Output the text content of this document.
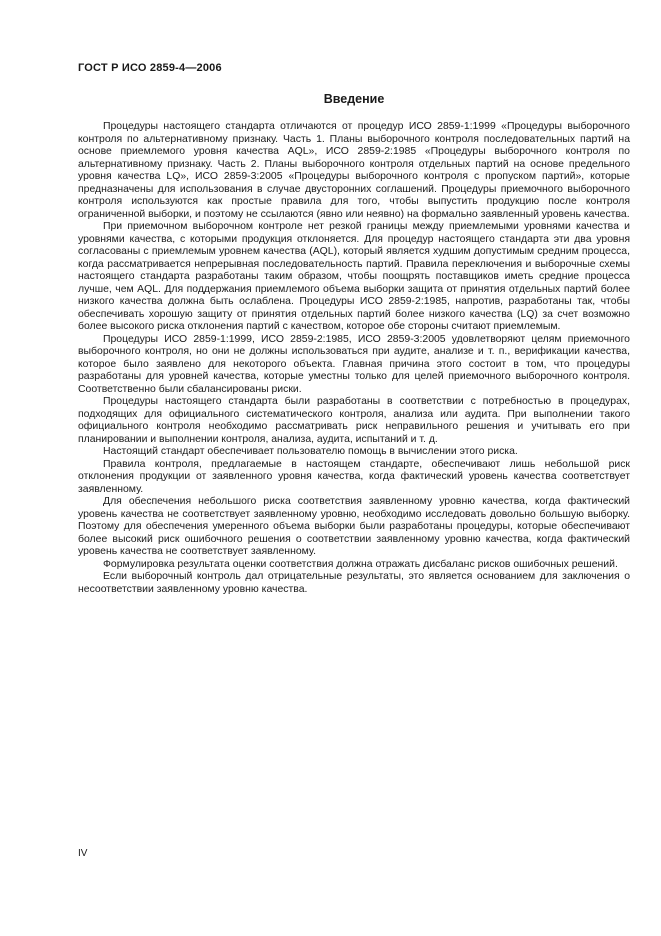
ГОСТ Р ИСО 2859-4—2006
Введение

Процедуры настоящего стандарта отличаются от процедур ИСО 2859-1:1999 «Процедуры выборочного контроля по альтернативному признаку. Часть 1. Планы выборочного контроля последовательных партий на основе приемлемого уровня качества AQL», ИСО 2859-2:1985 «Процедуры выборочного контроля по альтернативному признаку. Часть 2. Планы выборочного контроля отдельных партий на основе предельного уровня качества LQ», ИСО 2859-3:2005 «Процедуры выборочного контроля с пропуском партий», которые предназначены для использования в случае двусторонних соглашений. Процедуры приемочного выборочного контроля используются как простые правила для того, чтобы выпустить продукцию после контроля ограниченной выборки, и поэтому не ссылаются (явно или неявно) на формально заявленный уровень качества.

При приемочном выборочном контроле нет резкой границы между приемлемыми уровнями качества и уровнями качества, с которыми продукция отклоняется. Для процедур настоящего стандарта эти два уровня согласованы с приемлемым уровнем качества (AQL), который является худшим допустимым средним процесса, когда рассматривается непрерывная последовательность партий. Правила переключения и выборочные схемы настоящего стандарта разработаны таким образом, чтобы поощрять поставщиков иметь средние процесса лучше, чем AQL. Для поддержания приемлемого объема выборки защита от принятия отдельных партий более низкого качества должна быть ослаблена. Процедуры ИСО 2859-2:1985, напротив, разработаны так, чтобы обеспечивать хорошую защиту от принятия отдельных партий более низкого качества (LQ) за счет возможно более высокого риска отклонения партий с качеством, которое обе стороны считают приемлемым.

Процедуры ИСО 2859-1:1999, ИСО 2859-2:1985, ИСО 2859-3:2005 удовлетворяют целям приемочного выборочного контроля, но они не должны использоваться при аудите, анализе и т. п., верификации качества, которое было заявлено для некоторого объекта. Главная причина этого состоит в том, что процедуры разработаны для уровней качества, которые уместны только для целей приемочного выборочного контроля. Соответственно были сбалансированы риски.

Процедуры настоящего стандарта были разработаны в соответствии с потребностью в процедурах, подходящих для официального систематического контроля, анализа или аудита. При выполнении такого официального контроля необходимо рассматривать риск неправильного решения и учитывать его при планировании и выполнении контроля, анализа, аудита, испытаний и т. д.

Настоящий стандарт обеспечивает пользователю помощь в вычислении этого риска.

Правила контроля, предлагаемые в настоящем стандарте, обеспечивают лишь небольшой риск отклонения продукции от заявленного уровня качества, когда фактический уровень качества соответствует заявленному.

Для обеспечения небольшого риска соответствия заявленному уровню качества, когда фактический уровень качества не соответствует заявленному уровню, необходимо исследовать довольно большую выборку. Поэтому для обеспечения умеренного объема выборки были разработаны процедуры, которые обеспечивают более высокий риск ошибочного решения о соответствии заявленному уровню качества, когда фактический уровень качества не соответствует заявленному.

Формулировка результата оценки соответствия должна отражать дисбаланс рисков ошибочных решений.

Если выборочный контроль дал отрицательные результаты, это является основанием для заключения о несоответствии заявленному уровню качества.

IV
